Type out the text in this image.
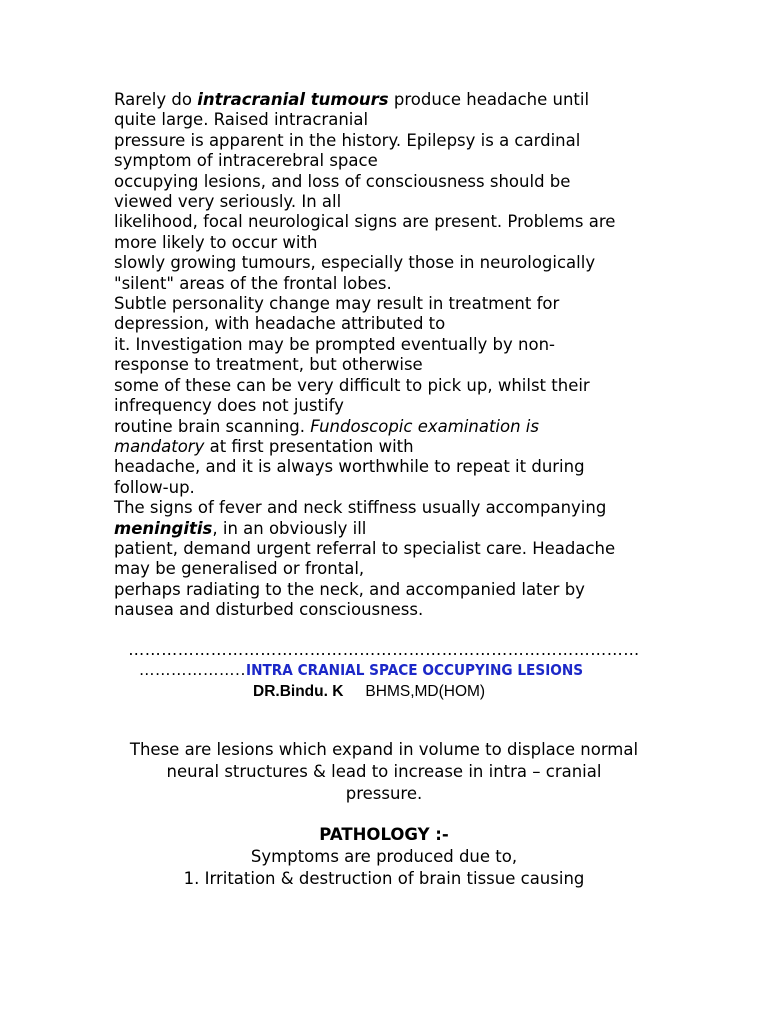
Rarely do intracranial tumours produce headache until
quite large. Raised intracranial
pressure is apparent in the history. Epilepsy is a cardinal
symptom of intracerebral space
occupying lesions, and loss of consciousness should be
viewed very seriously. In all
likelihood, focal neurological signs are present. Problems are
more likely to occur with
slowly growing tumours, especially those in neurologically
"silent" areas of the frontal lobes.
Subtle personality change may result in treatment for
depression, with headache attributed to
it. Investigation may be prompted eventually by non-
response to treatment, but otherwise
some of these can be very difficult to pick up, whilst their
infrequency does not justify
routine brain scanning. Fundoscopic examination is
mandatory at first presentation with
headache, and it is always worthwhile to repeat it during
follow-up.
The signs of fever and neck stiffness usually accompanying
meningitis, in an obviously ill
patient, demand urgent referral to specialist care. Headache
may be generalised or frontal,
perhaps radiating to the neck, and accompanied later by
nausea and disturbed consciousness.
…………………………………………………………………………………
………………..INTRA CRANIAL SPACE OCCUPYING LESIONS
DR.Bindu. K BHMS,MD(HOM)
These are lesions which expand in volume to displace normal
neural structures & lead to increase in intra – cranial
pressure.
PATHOLOGY :-
Symptoms are produced due to,
1. Irritation & destruction of brain tissue causing
